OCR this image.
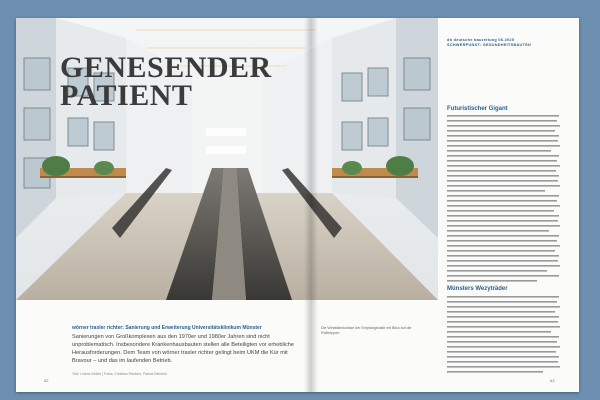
GENESENDER
PATIENT
wörner traxler richter: Sanierung und Erweiterung Universitätsklinikum Münster
Sanierungen von Großkomplexen aus den 1970er und 1980er Jahren sind nicht unproblematisch. Insbesondere Krankenhausbauten stellen alle Beteiligten vor erhebliche Herausforderungen. Dem Team von wörner traxler richter gelingt beim UKM die Kür mit Bravour – und das im laufenden Betrieb.
Text: Lorenz Wolfer | Fotos: Christian Richters, Patrick Reinfeld
Die Westfalenkulisse der Empfangshalle mit Blick auf die Rolltreppen.
62	63
db deutsche bauzeitung 06.2025
SCHWERPUNKT: GESUNDHEITSBAUTEN
Futuristischer Gigant
Münsters Wezyträder
